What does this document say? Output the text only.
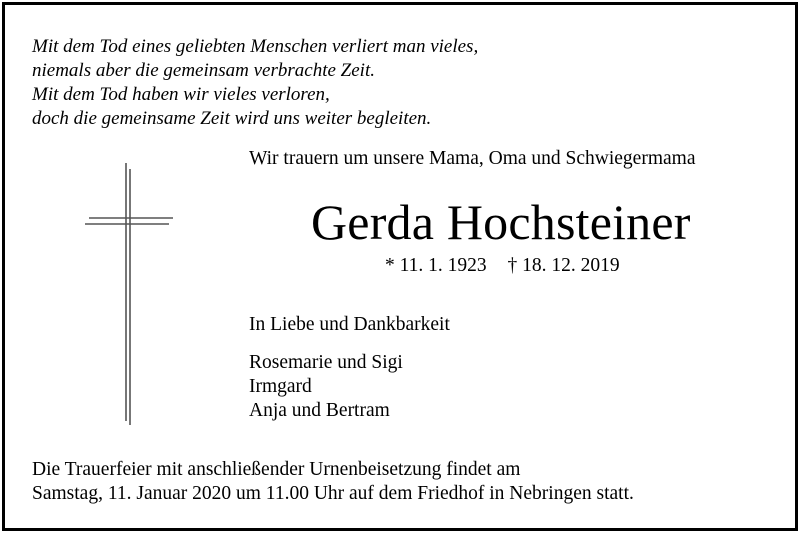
Mit dem Tod eines geliebten Menschen verliert man vieles,
niemals aber die gemeinsam verbrachte Zeit.
Mit dem Tod haben wir vieles verloren,
doch die gemeinsame Zeit wird uns weiter begleiten.
Wir trauern um unsere Mama, Oma und Schwiegermama
Gerda Hochsteiner
* 11. 1. 1923 † 18. 12. 2019
In Liebe und Dankbarkeit
Rosemarie und Sigi
Irmgard
Anja und Bertram
Die Trauerfeier mit anschließender Urnenbeisetzung findet am
Samstag, 11. Januar 2020 um 11.00 Uhr auf dem Friedhof in Nebringen statt.
